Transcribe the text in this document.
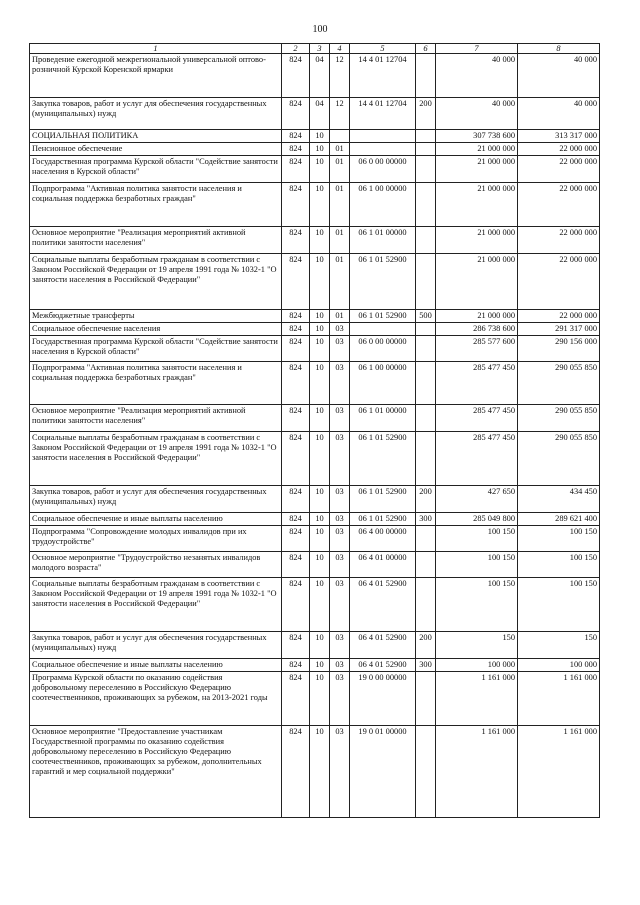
100
1	2	3	4	5	6	7	8
Проведение ежегодной межрегиональной универсальной оптово-розничной Курской Коренской ярмарки	824	04	12	14 4 01 12704		40 000	40 000
Закупка товаров, работ и услуг для обеспечения государственных (муниципальных) нужд	824	04	12	14 4 01 12704	200	40 000	40 000
СОЦИАЛЬНАЯ ПОЛИТИКА	824	10				307 738 600	313 317 000
Пенсионное обеспечение	824	10	01			21 000 000	22 000 000
Государственная программа Курской области "Содействие занятости населения в Курской области"	824	10	01	06 0 00 00000		21 000 000	22 000 000
Подпрограмма "Активная политика занятости населения и социальная поддержка безработных граждан"	824	10	01	06 1 00 00000		21 000 000	22 000 000
Основное мероприятие "Реализация мероприятий активной политики занятости населения"	824	10	01	06 1 01 00000		21 000 000	22 000 000
Социальные выплаты безработным гражданам в соответствии с Законом Российской Федерации от 19 апреля 1991 года № 1032-1 "О занятости населения в Российской Федерации"	824	10	01	06 1 01 52900		21 000 000	22 000 000
Межбюджетные трансферты	824	10	01	06 1 01 52900	500	21 000 000	22 000 000
Социальное обеспечение населения	824	10	03			286 738 600	291 317 000
Государственная программа Курской области "Содействие занятости населения в Курской области"	824	10	03	06 0 00 00000		285 577 600	290 156 000
Подпрограмма "Активная политика занятости населения и социальная поддержка безработных граждан"	824	10	03	06 1 00 00000		285 477 450	290 055 850
Основное мероприятие "Реализация мероприятий активной политики занятости населения"	824	10	03	06 1 01 00000		285 477 450	290 055 850
Социальные выплаты безработным гражданам в соответствии с Законом Российской Федерации от 19 апреля 1991 года № 1032-1 "О занятости населения в Российской Федерации"	824	10	03	06 1 01 52900		285 477 450	290 055 850
Закупка товаров, работ и услуг для обеспечения государственных (муниципальных) нужд	824	10	03	06 1 01 52900	200	427 650	434 450
Социальное обеспечение и иные выплаты населению	824	10	03	06 1 01 52900	300	285 049 800	289 621 400
Подпрограмма "Сопровождение молодых инвалидов при их трудоустройстве"	824	10	03	06 4 00 00000		100 150	100 150
Основное мероприятие "Трудоустройство незанятых инвалидов молодого возраста"	824	10	03	06 4 01 00000		100 150	100 150
Социальные выплаты безработным гражданам в соответствии с Законом Российской Федерации от 19 апреля 1991 года № 1032-1 "О занятости населения в Российской Федерации"	824	10	03	06 4 01 52900		100 150	100 150
Закупка товаров, работ и услуг для обеспечения государственных (муниципальных) нужд	824	10	03	06 4 01 52900	200	150	150
Социальное обеспечение и иные выплаты населению	824	10	03	06 4 01 52900	300	100 000	100 000
Программа Курской области по оказанию содействия добровольному переселению в Российскую Федерацию соотечественников, проживающих за рубежом, на 2013-2021 годы	824	10	03	19 0 00 00000		1 161 000	1 161 000
Основное мероприятие "Предоставление участникам Государственной программы по оказанию содействия добровольному переселению в Российскую Федерацию соотечественников, проживающих за рубежом, дополнительных гарантий и мер социальной поддержки"	824	10	03	19 0 01 00000		1 161 000	1 161 000
